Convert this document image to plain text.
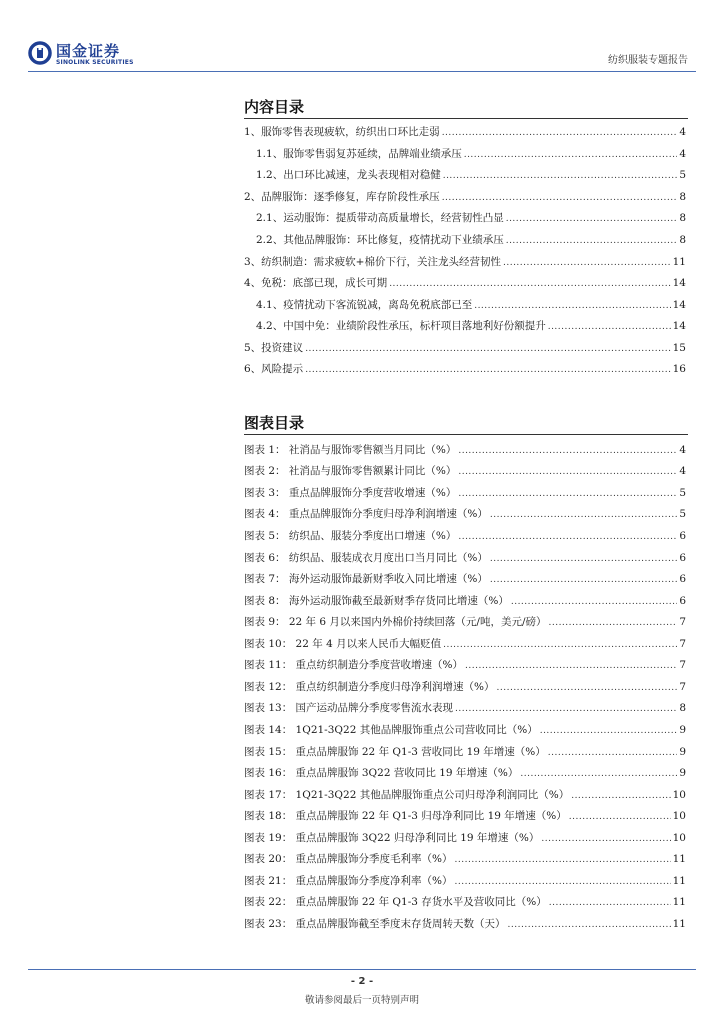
国金证券
SINOLINK SECURITIES	纺织服装专题报告
内容目录
1、服饰零售表现疲软，纺织出口环比走弱 .....	4
1.1、服饰零售弱复苏延续，品牌端业绩承压 .....	4
1.2、出口环比减速，龙头表现相对稳健 .....	5
2、品牌服饰：逐季修复，库存阶段性承压 .....	8
2.1、运动服饰：提质带动高质量增长，经营韧性凸显 .....	8
2.2、其他品牌服饰：环比修复，疫情扰动下业绩承压 .....	8
3、纺织制造：需求疲软+棉价下行，关注龙头经营韧性 .....	11
4、免税：底部已现，成长可期 .....	14
4.1、疫情扰动下客流锐减，离岛免税底部已至 .....	14
4.2、中国中免：业绩阶段性承压，标杆项目落地利好份额提升 .....	14
5、投资建议 .....	15
6、风险提示 .....	16
图表目录
图表 1： 社消品与服饰零售额当月同比（%） .....	4
图表 2： 社消品与服饰零售额累计同比（%） .....	4
图表 3： 重点品牌服饰分季度营收增速（%） .....	5
图表 4： 重点品牌服饰分季度归母净利润增速（%） .....	5
图表 5： 纺织品、服装分季度出口增速（%） .....	6
图表 6： 纺织品、服装成衣月度出口当月同比（%） .....	6
图表 7： 海外运动服饰最新财季收入同比增速（%） .....	6
图表 8： 海外运动服饰截至最新财季存货同比增速（%） .....	6
图表 9： 22 年 6 月以来国内外棉价持续回落（元/吨，美元/磅） .....	7
图表 10： 22 年 4 月以来人民币大幅贬值 .....	7
图表 11： 重点纺织制造分季度营收增速（%） .....	7
图表 12： 重点纺织制造分季度归母净利润增速（%） .....	7
图表 13： 国产运动品牌分季度零售流水表现 .....	8
图表 14： 1Q21-3Q22 其他品牌服饰重点公司营收同比（%） .....	9
图表 15： 重点品牌服饰 22 年 Q1-3 营收同比 19 年增速（%） .....	9
图表 16： 重点品牌服饰 3Q22 营收同比 19 年增速（%） .....	9
图表 17： 1Q21-3Q22 其他品牌服饰重点公司归母净利润同比（%） .....	10
图表 18： 重点品牌服饰 22 年 Q1-3 归母净利同比 19 年增速（%） .....	10
图表 19： 重点品牌服饰 3Q22 归母净利同比 19 年增速（%） .....	10
图表 20： 重点品牌服饰分季度毛利率（%） .....	11
图表 21： 重点品牌服饰分季度净利率（%） .....	11
图表 22： 重点品牌服饰 22 年 Q1-3 存货水平及营收同比（%） .....	11
图表 23： 重点品牌服饰截至季度末存货周转天数（天） .....	11
- 2 -
敬请参阅最后一页特别声明
